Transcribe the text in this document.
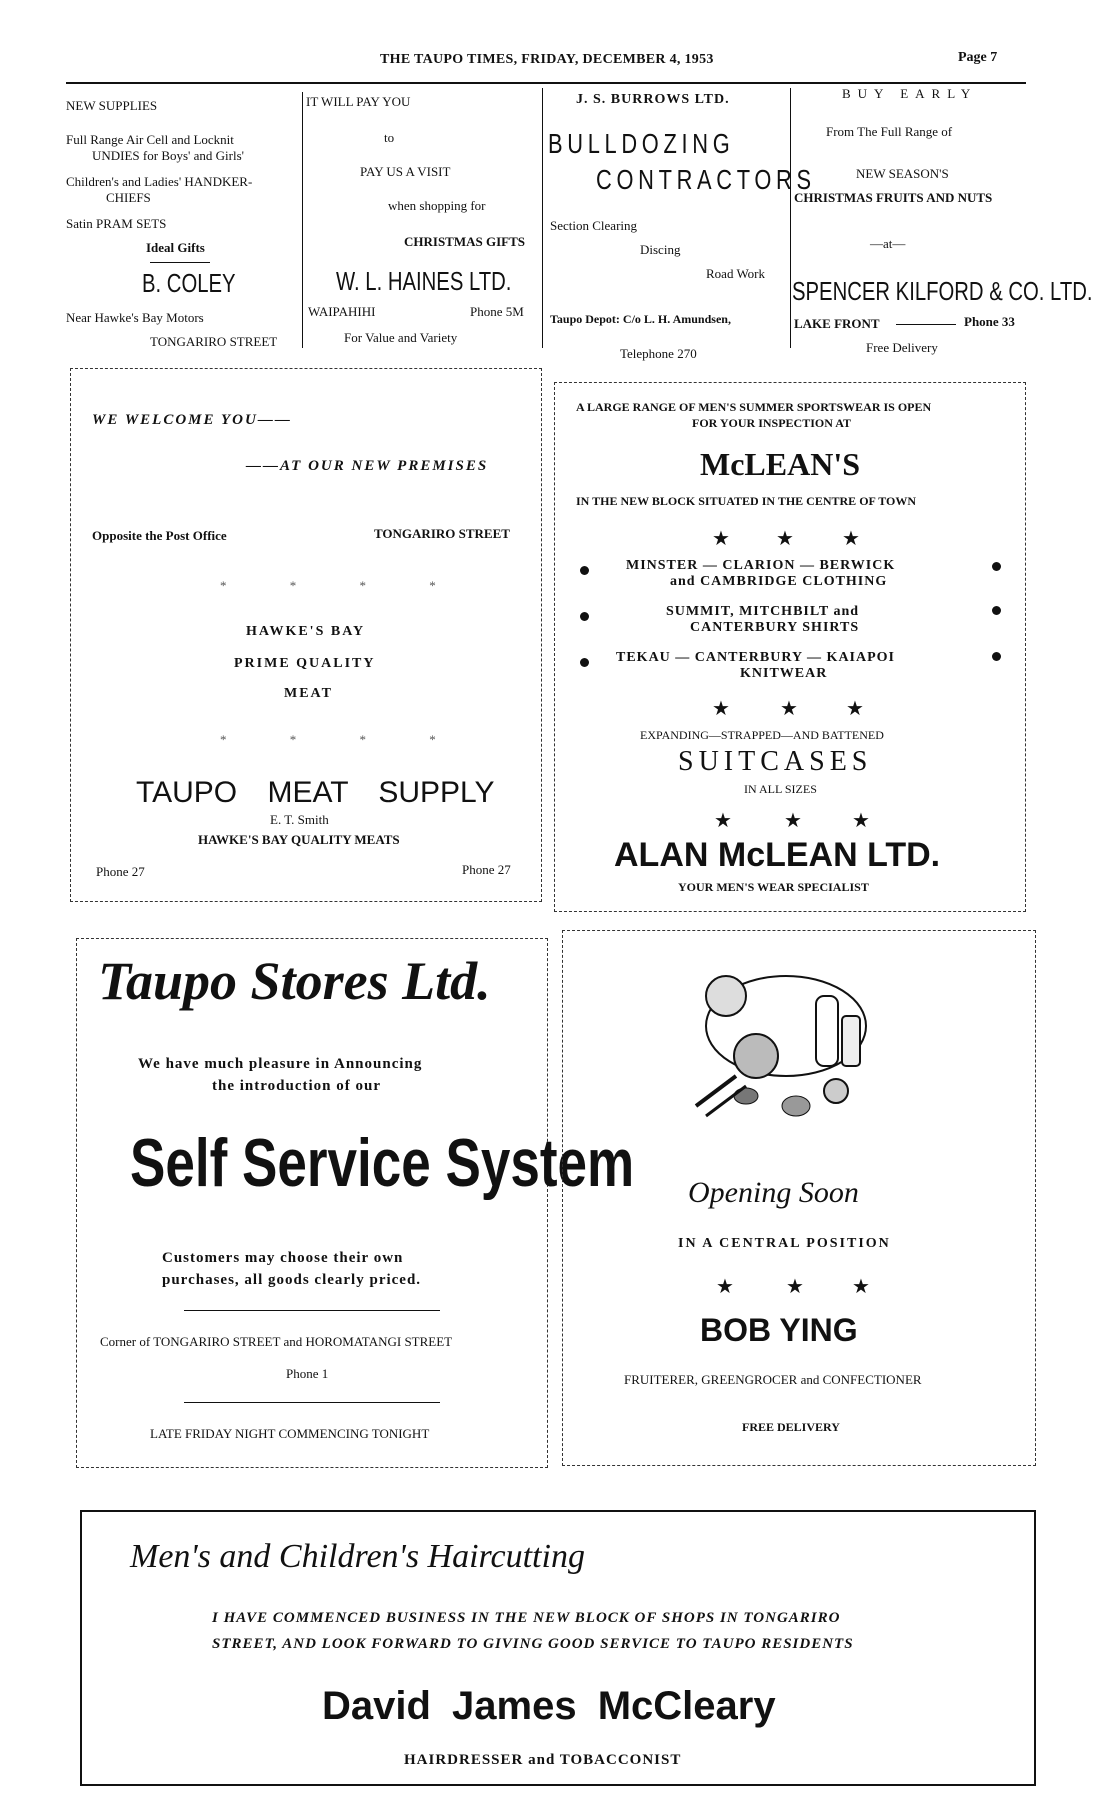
THE TAUPO TIMES, FRIDAY, DECEMBER 4, 1953	Page 7
NEW SUPPLIES
Full Range Air Cell and Locknit
UNDIES for Boys' and Girls'
Children's and Ladies' HANDKER-
CHIEFS
Satin PRAM SETS
Ideal Gifts
B. COLEY
Near Hawke's Bay Motors
TONGARIRO STREET
IT WILL PAY YOU
to
PAY US A VISIT
when shopping for
CHRISTMAS GIFTS
W. L. HAINES LTD.
WAIPAHIHI	Phone 5M
For Value and Variety
J. S. BURROWS LTD.
BULLDOZING
CONTRACTORS
Section Clearing
Discing
Road Work
Taupo Depot: C/o L. H. Amundsen,
Telephone 270
BUY EARLY
From The Full Range of
NEW SEASON'S
CHRISTMAS FRUITS AND NUTS
—at—
SPENCER KILFORD & CO. LTD.
LAKE FRONT	Phone 33
Free Delivery
WE WELCOME YOU——
——AT OUR NEW PREMISES
Opposite the Post Office	TONGARIRO STREET
* * * *
HAWKE'S BAY
PRIME QUALITY
MEAT
* * * *
TAUPO MEAT SUPPLY
E. T. Smith
HAWKE'S BAY QUALITY MEATS
Phone 27	Phone 27
A LARGE RANGE OF MEN'S SUMMER SPORTSWEAR IS OPEN
FOR YOUR INSPECTION AT
McLEAN'S
IN THE NEW BLOCK SITUATED IN THE CENTRE OF TOWN
★ ★ ★
MINSTER — CLARION — BERWICK
and CAMBRIDGE CLOTHING
SUMMIT, MITCHBILT and
CANTERBURY SHIRTS
TEKAU — CANTERBURY — KAIAPOI
KNITWEAR
★	★ ★
EXPANDING—STRAPPED—AND BATTENED
SUITCASES
IN ALL SIZES
★	★	★
ALAN McLEAN LTD.
YOUR MEN'S WEAR SPECIALIST
Taupo Stores Ltd.
We have much pleasure in Announcing
the introduction of our
Self Service System
Customers may choose their own
purchases, all goods clearly priced.
Corner of TONGARIRO STREET and HOROMATANGI STREET
Phone 1
LATE FRIDAY NIGHT COMMENCING TONIGHT
Opening Soon
IN A CENTRAL POSITION
★	★ ★
BOB YING
FRUITERER, GREENGROCER and CONFECTIONER
FREE DELIVERY
Men's and Children's Haircutting
I HAVE COMMENCED BUSINESS IN THE NEW BLOCK OF SHOPS IN TONGARIRO
STREET, AND LOOK FORWARD TO GIVING GOOD SERVICE TO TAUPO RESIDENTS
David James McCleary
HAIRDRESSER and TOBACCONIST
